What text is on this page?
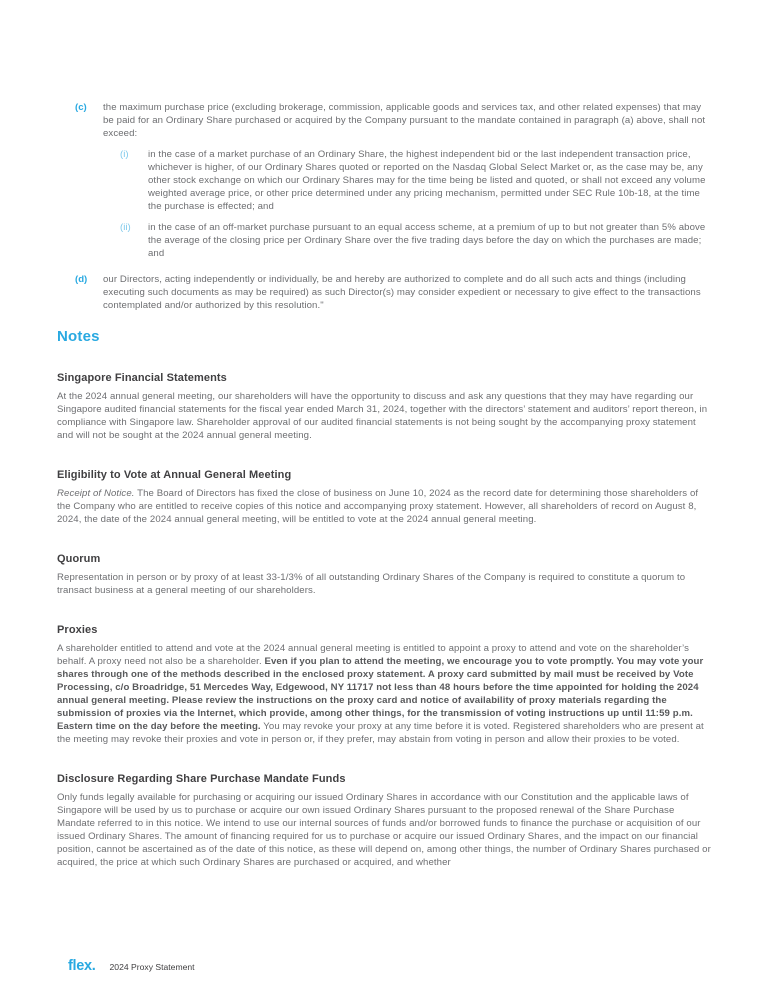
(c)	the maximum purchase price (excluding brokerage, commission, applicable goods and services tax, and other related expenses) that may be paid for an Ordinary Share purchased or acquired by the Company pursuant to the mandate contained in paragraph (a) above, shall not exceed:

(i)	in the case of a market purchase of an Ordinary Share, the highest independent bid or the last independent transaction price, whichever is higher, of our Ordinary Shares quoted or reported on the Nasdaq Global Select Market or, as the case may be, any other stock exchange on which our Ordinary Shares may for the time being be listed and quoted, or shall not exceed any volume weighted average price, or other price determined under any pricing mechanism, permitted under SEC Rule 10b-18, at the time the purchase is effected; and

(ii)	in the case of an off-market purchase pursuant to an equal access scheme, at a premium of up to but not greater than 5% above the average of the closing price per Ordinary Share over the five trading days before the day on which the purchases are made; and

(d)	our Directors, acting independently or individually, be and hereby are authorized to complete and do all such acts and things (including executing such documents as may be required) as such Director(s) may consider expedient or necessary to give effect to the transactions contemplated and/or authorized by this resolution."

Notes
Singapore Financial Statements

At the 2024 annual general meeting, our shareholders will have the opportunity to discuss and ask any questions that they may have regarding our Singapore audited financial statements for the fiscal year ended March 31, 2024, together with the directors’ statement and auditors’ report thereon, in compliance with Singapore law. Shareholder approval of our audited financial statements is not being sought by the accompanying proxy statement and will not be sought at the 2024 annual general meeting.

Eligibility to Vote at Annual General Meeting

Receipt of Notice. The Board of Directors has fixed the close of business on June 10, 2024 as the record date for determining those shareholders of the Company who are entitled to receive copies of this notice and accompanying proxy statement. However, all shareholders of record on August 8, 2024, the date of the 2024 annual general meeting, will be entitled to vote at the 2024 annual general meeting.

Quorum

Representation in person or by proxy of at least 33-1/3% of all outstanding Ordinary Shares of the Company is required to constitute a quorum to transact business at a general meeting of our shareholders.

Proxies

A shareholder entitled to attend and vote at the 2024 annual general meeting is entitled to appoint a proxy to attend and vote on the shareholder’s behalf. A proxy need not also be a shareholder. Even if you plan to attend the meeting, we encourage you to vote promptly. You may vote your shares through one of the methods described in the enclosed proxy statement. A proxy card submitted by mail must be received by Vote Processing, c/o Broadridge, 51 Mercedes Way, Edgewood, NY 11717 not less than 48 hours before the time appointed for holding the 2024 annual general meeting. Please review the instructions on the proxy card and notice of availability of proxy materials regarding the submission of proxies via the Internet, which provide, among other things, for the transmission of voting instructions up until 11:59 p.m. Eastern time on the day before the meeting. You may revoke your proxy at any time before it is voted. Registered shareholders who are present at the meeting may revoke their proxies and vote in person or, if they prefer, may abstain from voting in person and allow their proxies to be voted.

Disclosure Regarding Share Purchase Mandate Funds

Only funds legally available for purchasing or acquiring our issued Ordinary Shares in accordance with our Constitution and the applicable laws of Singapore will be used by us to purchase or acquire our own issued Ordinary Shares pursuant to the proposed renewal of the Share Purchase Mandate referred to in this notice. We intend to use our internal sources of funds and/or borrowed funds to finance the purchase or acquisition of our issued Ordinary Shares. The amount of financing required for us to purchase or acquire our issued Ordinary Shares, and the impact on our financial position, cannot be ascertained as of the date of this notice, as these will depend on, among other things, the number of Ordinary Shares purchased or acquired, the price at which such Ordinary Shares are purchased or acquired, and whether

flex. 2024 Proxy Statement
